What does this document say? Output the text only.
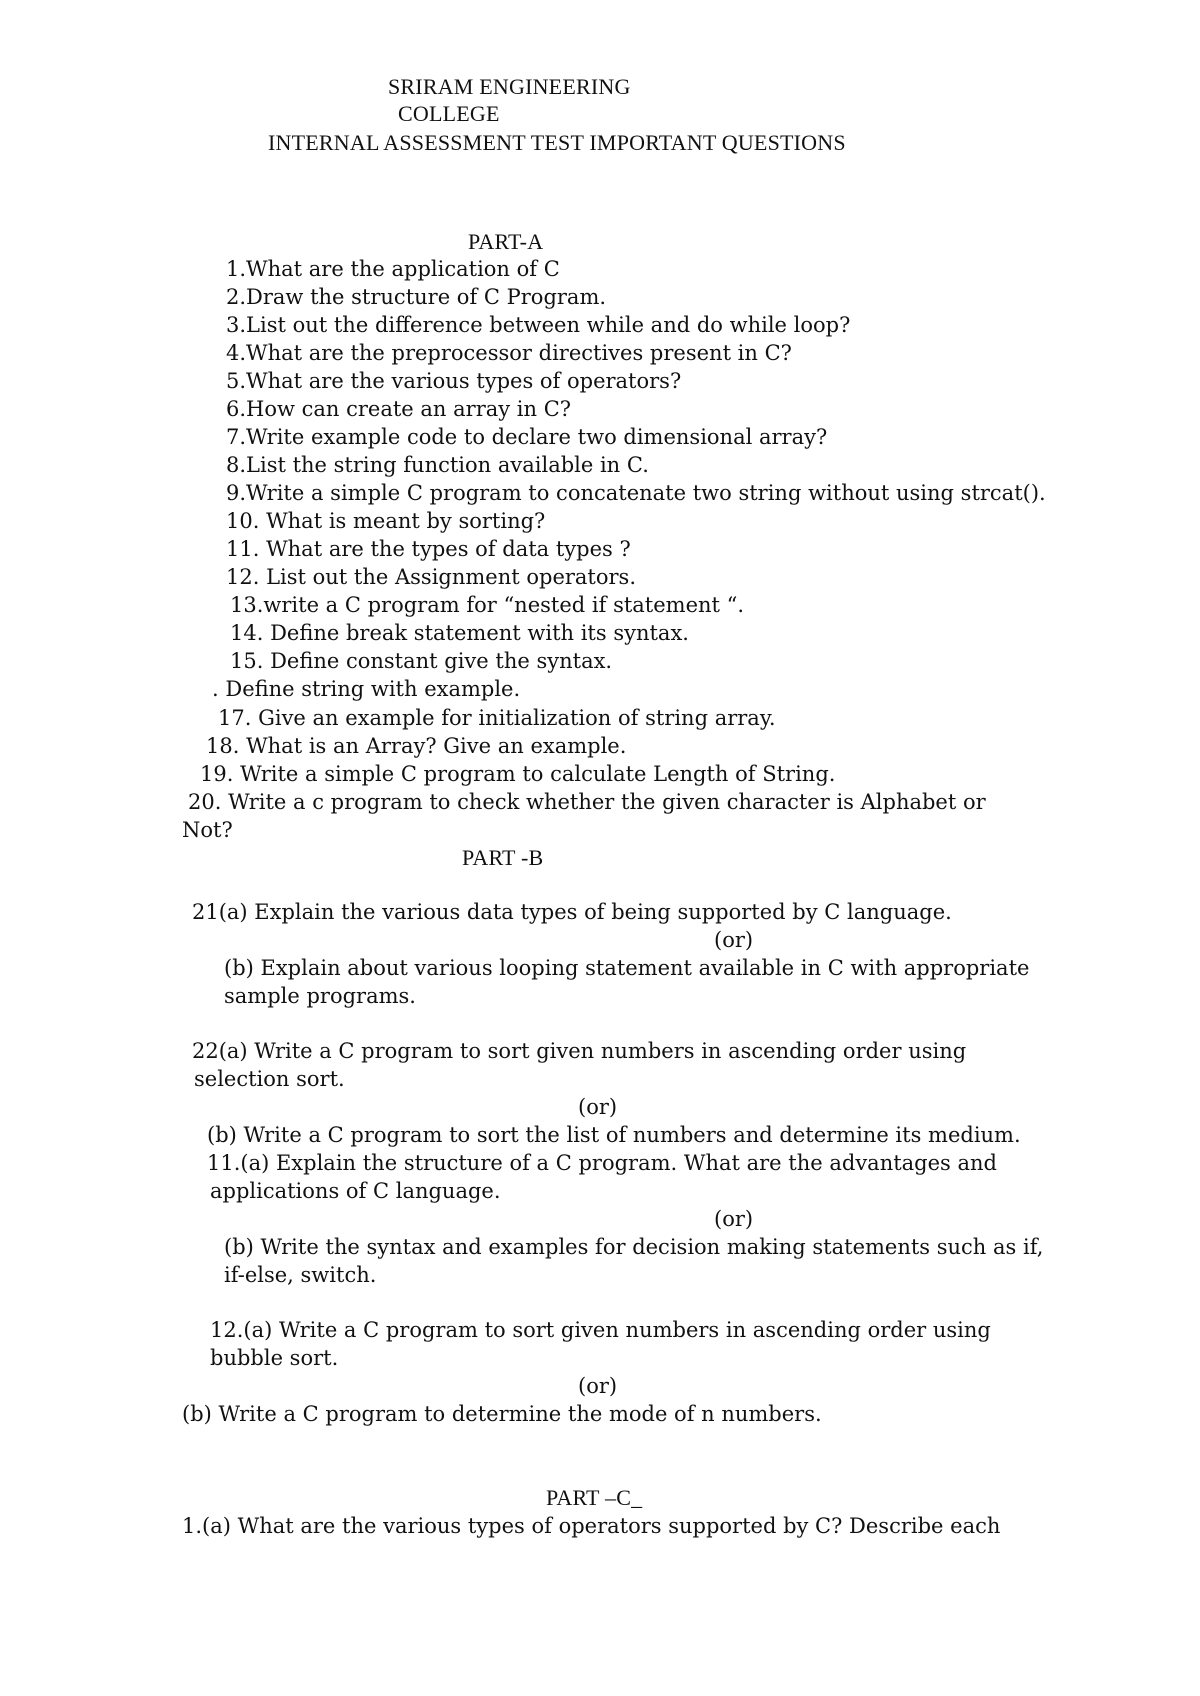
SRIRAM ENGINEERING
COLLEGE
INTERNAL ASSESSMENT TEST IMPORTANT QUESTIONS
PART-A
1.What are the application of C
2.Draw the structure of C Program.
3.List out the difference between while and do while loop?
4.What are the preprocessor directives present in C?
5.What are the various types of operators?
6.How can create an array in C?
7.Write example code to declare two dimensional array?
8.List the string function available in C.
9.Write a simple C program to concatenate two string without using strcat().
10. What is meant by sorting?
11. What are the types of data types ?
12. List out the Assignment operators.
13.write a C program for “nested if statement “.
14. Define break statement with its syntax.
15. Define constant give the syntax.
. Define string with example.
17. Give an example for initialization of string array.
18. What is an Array? Give an example.
19. Write a simple C program to calculate Length of String.
20. Write a c program to check whether the given character is Alphabet or
Not?
PART -B
21(a) Explain the various data types of being supported by C language.
(or)
(b) Explain about various looping statement available in C with appropriate
sample programs.
22(a) Write a C program to sort given numbers in ascending order using
selection sort.
(or)
(b) Write a C program to sort the list of numbers and determine its medium.
11.(a) Explain the structure of a C program. What are the advantages and
applications of C language.
(or)
(b) Write the syntax and examples for decision making statements such as if,
if-else, switch.
12.(a) Write a C program to sort given numbers in ascending order using
bubble sort.
(or)
(b) Write a C program to determine the mode of n numbers.
PART –C_
1.(a) What are the various types of operators supported by C? Describe each
